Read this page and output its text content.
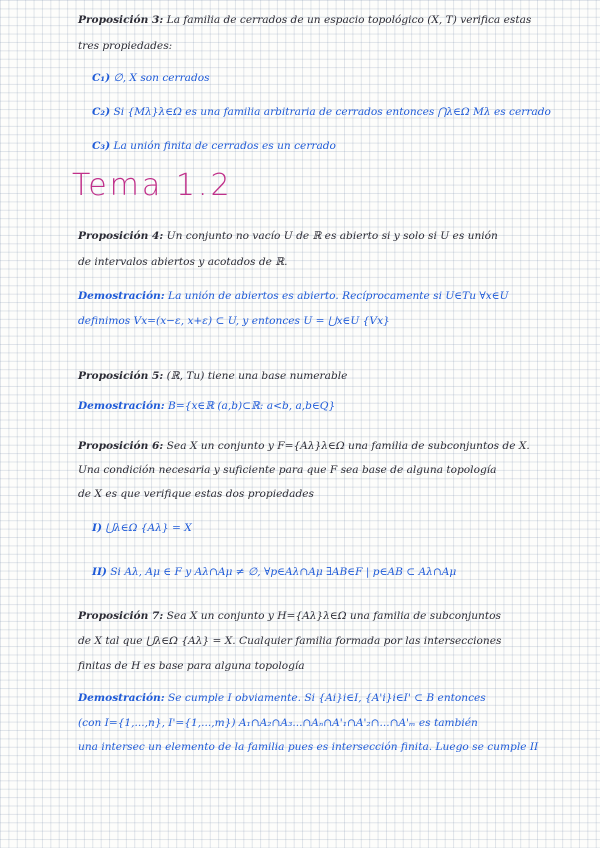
Proposición 3: La familia de cerrados de un espacio topológico (X, T) verifica estas
tres propiedades:
C₁) ∅, X son cerrados
C₂) Si {Mλ}λ∈Ω es una familia arbitraria de cerrados entonces ⋂λ∈Ω Mλ es cerrado
C₃) La unión finita de cerrados es un cerrado
Proposición 4: Un conjunto no vacío U de ℝ es abierto si y solo si U es unión
de intervalos abiertos y acotados de ℝ.
Demostración: La unión de abiertos es abierto. Recíprocamente si U∈Tu ∀x∈U
definimos Vx=(x−ε, x+ε) ⊂ U, y entonces U = ⋃x∈U {Vx}
Proposición 5: (ℝ, Tu) tiene una base numerable
Demostración: B={x∈ℝ (a,b)⊂ℝ: a<b, a,b∈Q}
Proposición 6: Sea X un conjunto y F={Aλ}λ∈Ω una familia de subconjuntos de X.
Una condición necesaria y suficiente para que F sea base de alguna topología
de X es que verifique estas dos propiedades
I) ⋃λ∈Ω {Aλ} = X
II) Si Aλ, Aμ ∈ F y Aλ∩Aμ ≠ ∅, ∀p∈Aλ∩Aμ ∃AB∈F | p∈AB ⊂ Aλ∩Aμ
Proposición 7: Sea X un conjunto y H={Aλ}λ∈Ω una familia de subconjuntos
de X tal que ⋃λ∈Ω {Aλ} = X. Cualquier familia formada por las intersecciones
finitas de H es base para alguna topología
Demostración: Se cumple I obviamente. Si {Ai}i∈I, {A'i}i∈I' ⊂ B entonces
(con I={1,...,n}, I'={1,...,m}) A₁∩A₂∩A₃...∩Aₙ∩A'₁∩A'₂∩...∩A'ₘ es también
una intersec un elemento de la familia pues es intersección finita. Luego se cumple II
Tema 1.2
